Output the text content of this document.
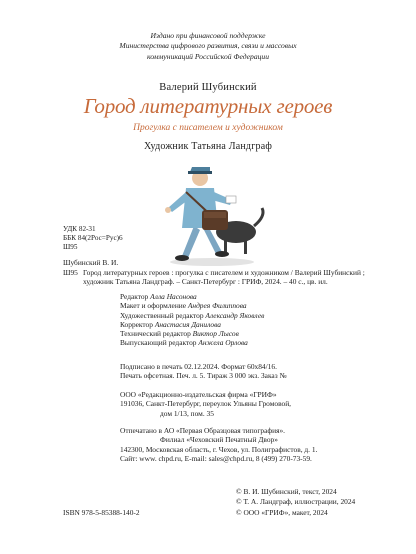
Издано при финансовой поддержке
Министерства цифрового развития, связи и массовых
коммуникаций Российской Федерации
Валерий Шубинский
Город литературных героев
Прогулка с писателем и художником
Художник Татьяна Ландграф
УДК 82-31
ББК 84(2Рос=Рус)6
Ш95
Шубинский В. И.
Ш95 Город литературных героев : прогулка с писателем и художником / Валерий Шубинский ;
художник Татьяна Ландграф. – Санкт-Петербург : ГРИФ, 2024. – 40 с., цв. ил.
Редактор Алла Насонова
Макет и оформление Андрея Филиппова
Художественный редактор Александр Яковлев
Корректор Анастасия Данилова
Технический редактор Виктор Лысов
Выпускающий редактор Анжела Орлова
Подписано в печать 02.12.2024. Формат 60х84/16.
Печать офсетная. Печ. л. 5. Тираж 3 000 экз. Заказ №
ООО «Редакционно-издательская фирма «ГРИФ»
191036, Санкт-Петербург, переулок Ульяны Громовой,
дом 1/13, пом. 35
Отпечатано в АО «Первая Образцовая типография».
Филиал «Чеховский Печатный Двор»
142300, Московская область, г. Чехов, ул. Полиграфистов, д. 1.
Сайт: www. chpd.ru, E-mail: sales@chpd.ru, 8 (499) 270-73-59.
© В. И. Шубинский, текст, 2024
© Т. А. Ландграф, иллюстрации, 2024
© ООО «ГРИФ», макет, 2024
ISBN 978-5-85388-140-2
